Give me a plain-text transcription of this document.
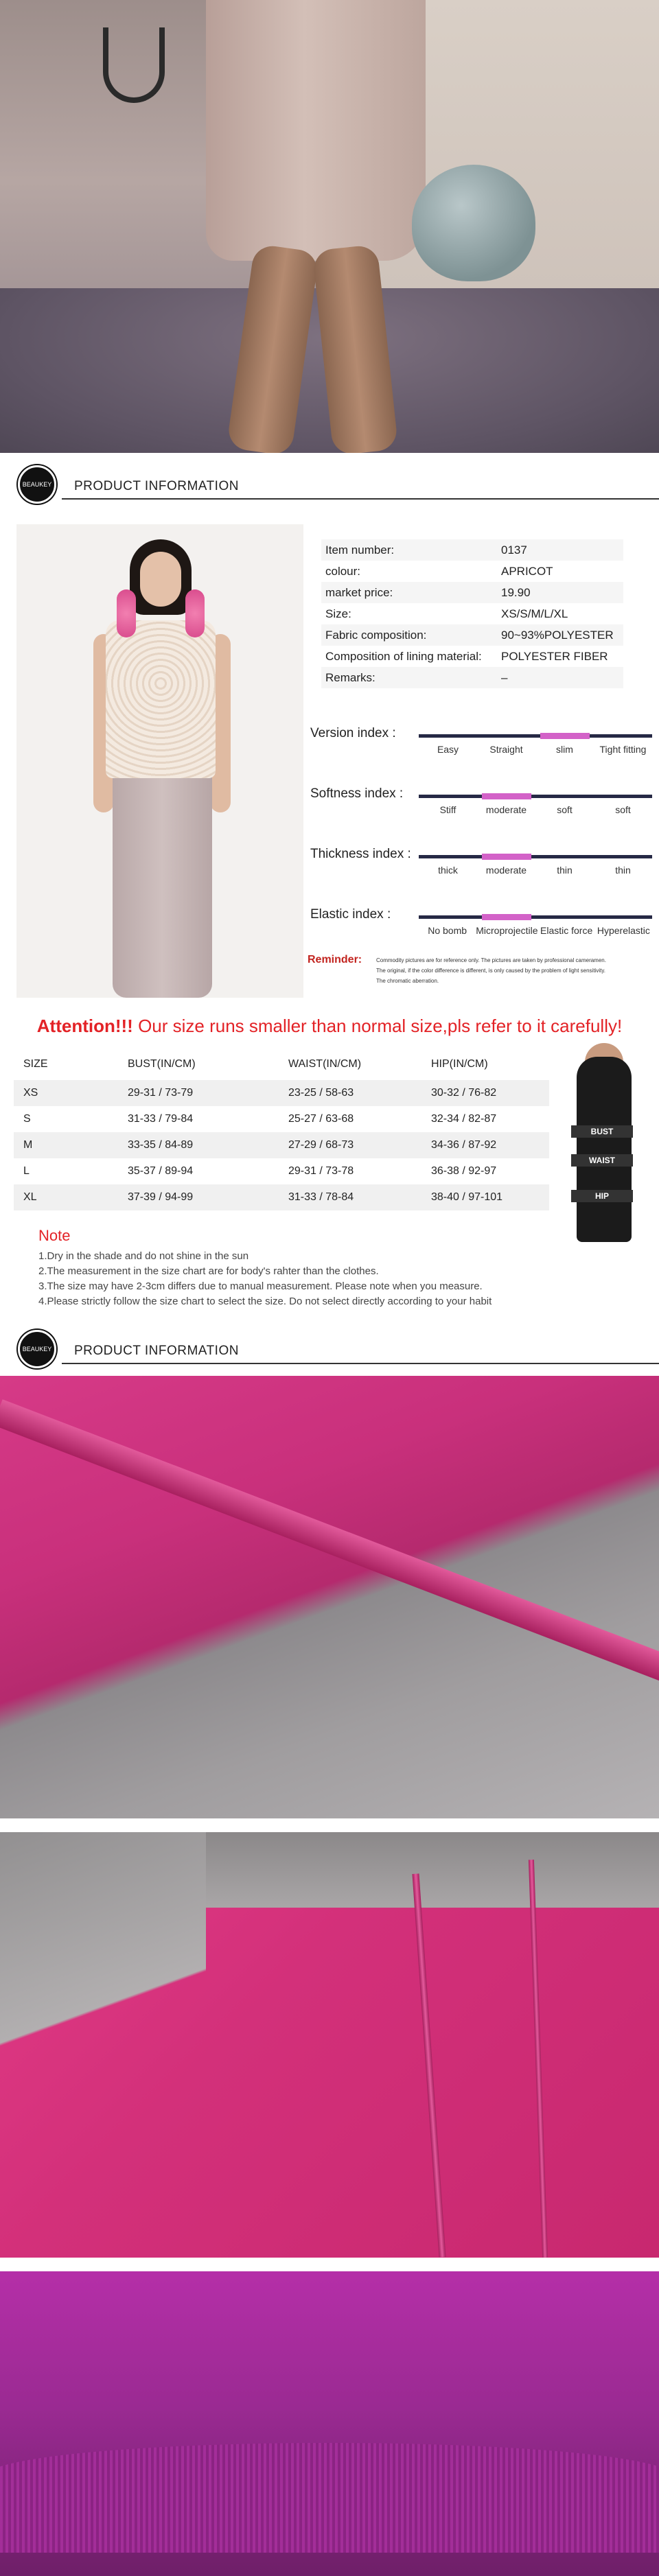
BEAUKEY PRODUCT INFORMATION
Item number:	0137
colour:	APRICOT
market price:	19.90
Size:	XS/S/M/L/XL
Fabric composition:	90~93%POLYESTER
Composition of lining material:	POLYESTER FIBER
Remarks:	–
Version index :
Easy	Straight	slim	Tight fitting
Softness index :
Stiff	moderate	soft	soft
Thickness index :
thick	moderate	thin	thin
Elastic index :
No bomb Microprojectile Elastic force Hyperelastic
Reminder:	Commodity pictures are for reference only. The pictures are taken by professional cameramen.
The original, if the color difference is different, is only caused by the problem of light sensitivity.
The chromatic aberration.
Attention!!! Our size runs smaller than normal size,pls refer to it carefully!
SIZE	BUST(IN/CM)	WAIST(IN/CM)	HIP(IN/CM)
XS	29-31 / 73-79	23-25 / 58-63	30-32 / 76-82
S	31-33 / 79-84	25-27 / 63-68	32-34 / 82-87
M	33-35 / 84-89	27-29 / 68-73	34-36 / 87-92
L	35-37 / 89-94	29-31 / 73-78	36-38 / 92-97
XL	37-39 / 94-99	31-33 / 78-84	38-40 / 97-101
BUST
WAIST
HIP
Note
1.Dry in the shade and do not shine in the sun
2.The measurement in the size chart are for body's rahter than the clothes.
3.The size may have 2-3cm differs due to manual measurement. Please note when you measure.
4.Please strictly follow the size chart to select the size. Do not select directly according to your habit
BEAUKEY PRODUCT INFORMATION
